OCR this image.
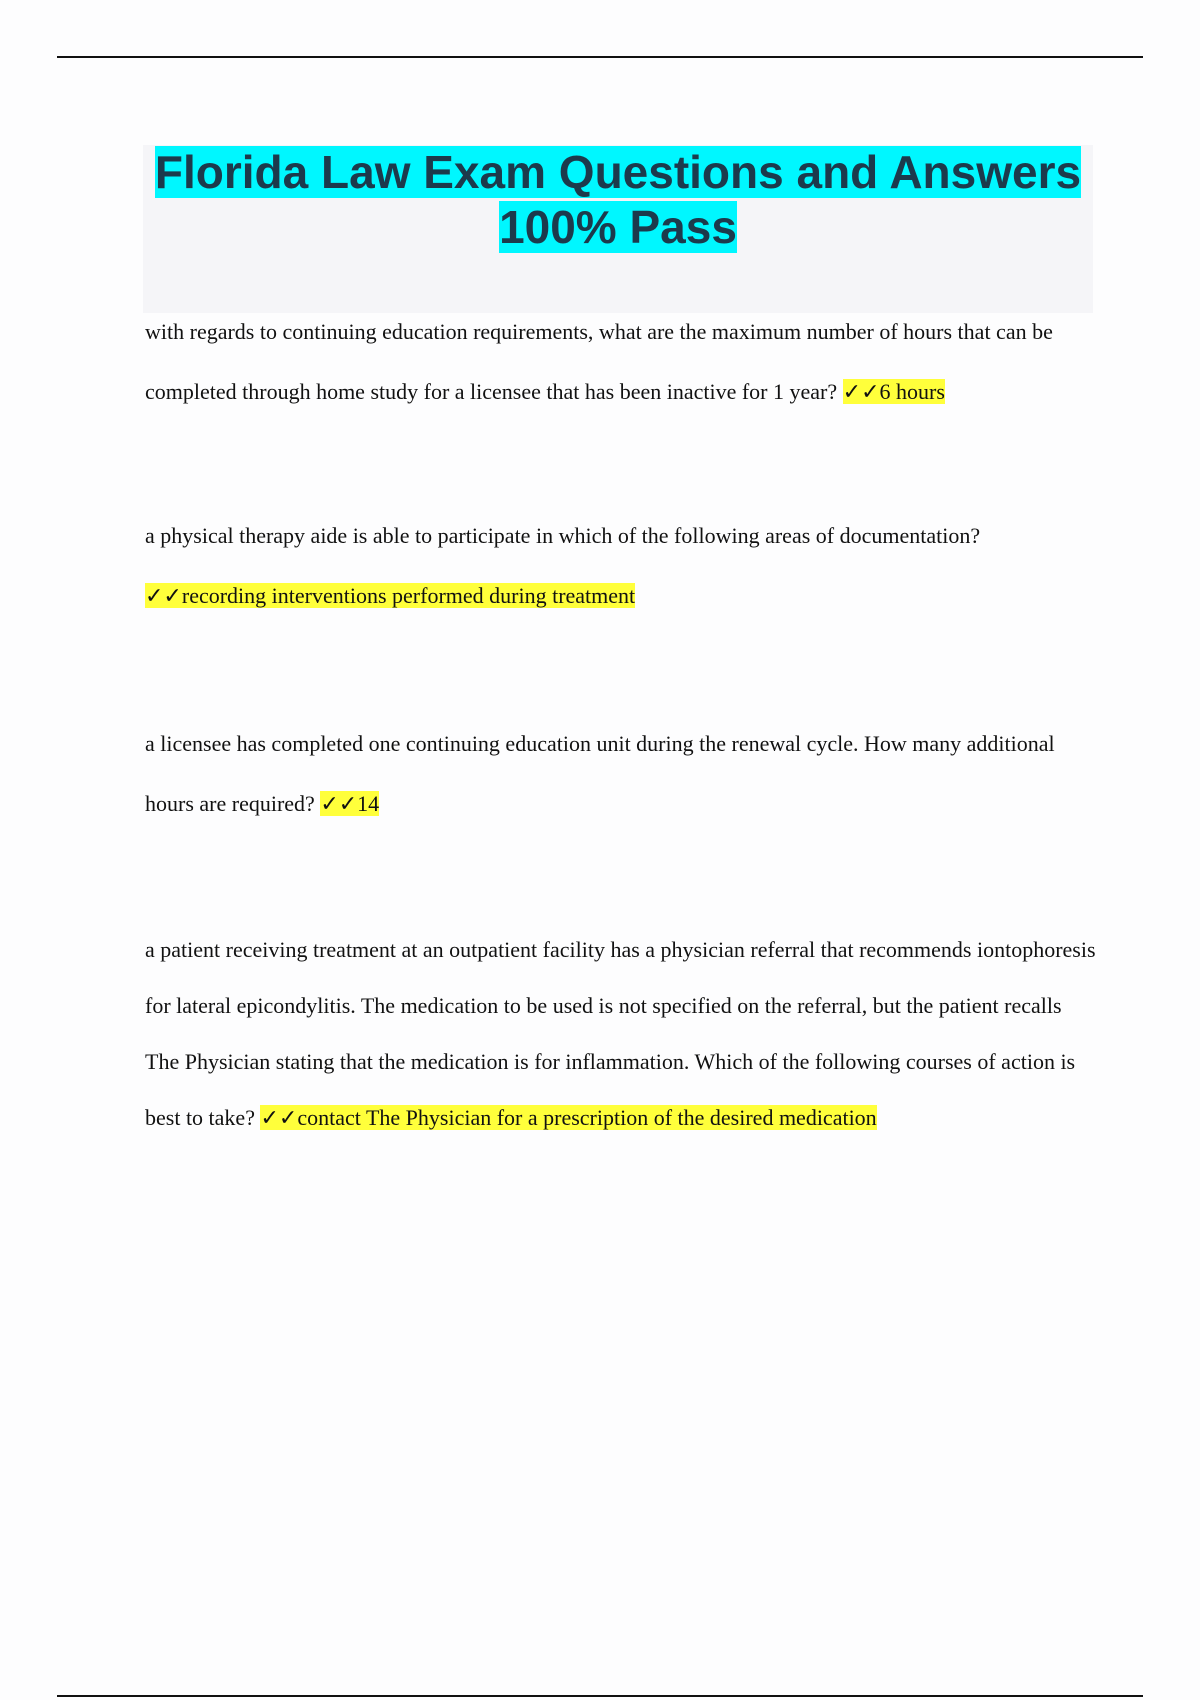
Florida Law Exam Questions and Answers 100% Pass

with regards to continuing education requirements, what are the maximum number of hours that can be completed through home study for a licensee that has been inactive for 1 year? ✓✓6 hours

a physical therapy aide is able to participate in which of the following areas of documentation? ✓✓recording interventions performed during treatment

a licensee has completed one continuing education unit during the renewal cycle. How many additional hours are required? ✓✓14

a patient receiving treatment at an outpatient facility has a physician referral that recommends iontophoresis for lateral epicondylitis. The medication to be used is not specified on the referral, but the patient recalls The Physician stating that the medication is for inflammation. Which of the following courses of action is best to take? ✓✓contact The Physician for a prescription of the desired medication
